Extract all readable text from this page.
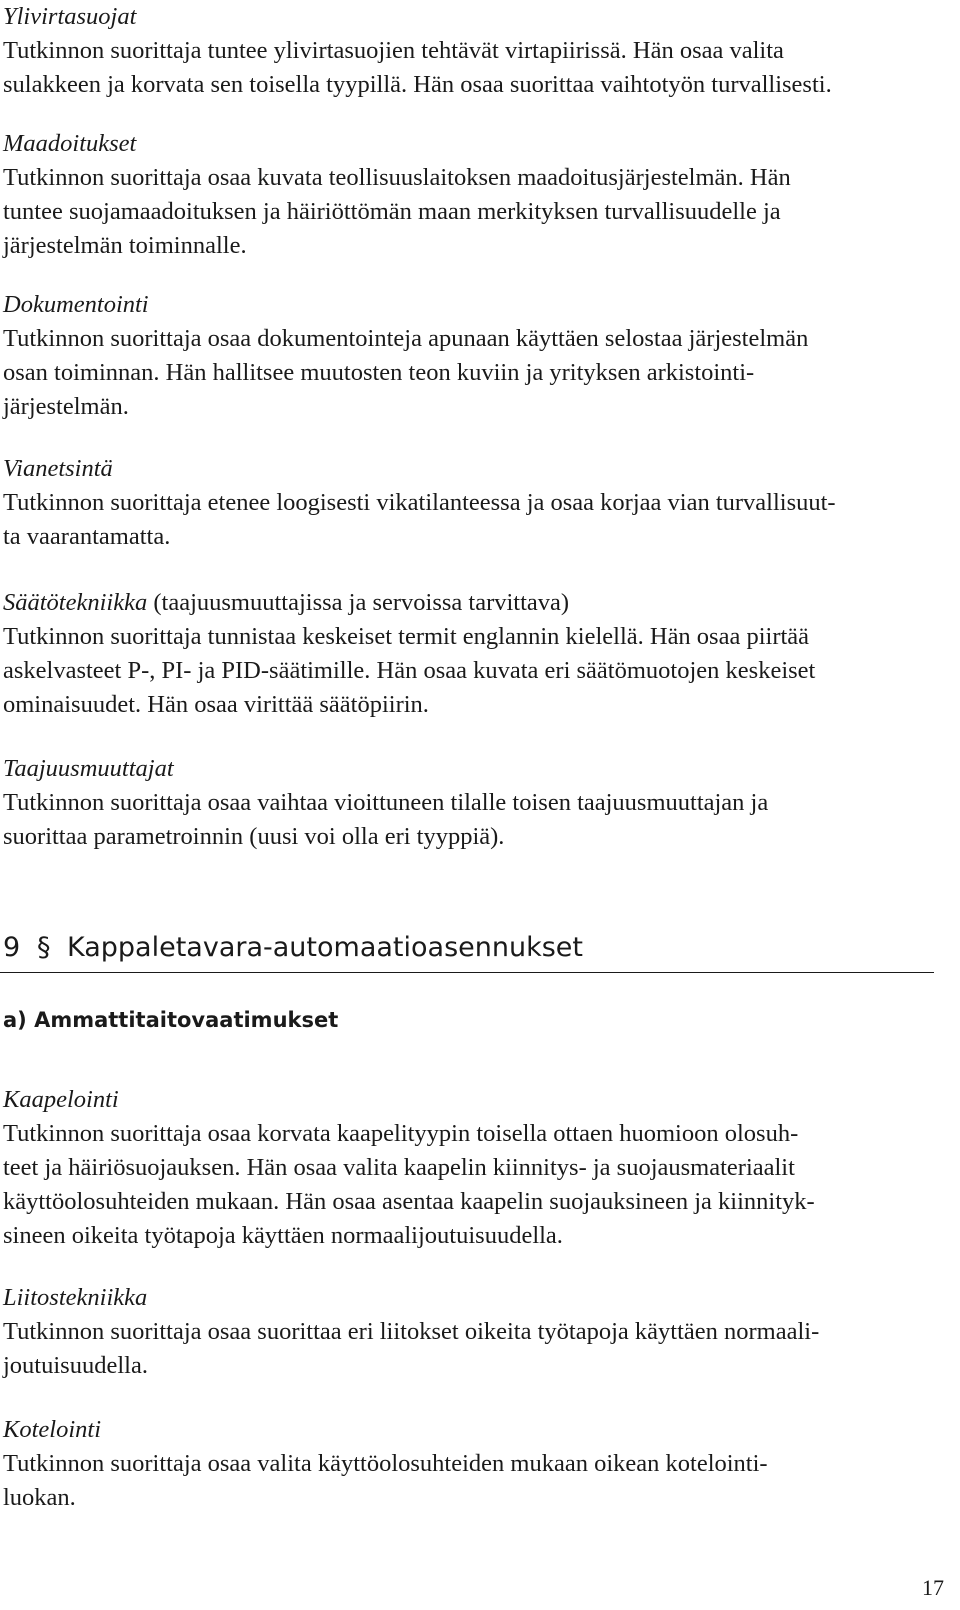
Ylivirtasuojat
Tutkinnon suorittaja tuntee ylivirtasuojien tehtävät virtapiirissä. Hän osaa valita
sulakkeen ja korvata sen toisella tyypillä. Hän osaa suorittaa vaihtotyön turvallisesti.
Maadoitukset
Tutkinnon suorittaja osaa kuvata teollisuuslaitoksen maadoitusjärjestelmän. Hän
tuntee suojamaadoituksen ja häiriöttömän maan merkityksen turvallisuudelle ja
järjestelmän toiminnalle.
Dokumentointi
Tutkinnon suorittaja osaa dokumentointeja apunaan käyttäen selostaa järjestelmän
osan toiminnan. Hän hallitsee muutosten teon kuviin ja yrityksen arkistointi-
järjestelmän.
Vianetsintä
Tutkinnon suorittaja etenee loogisesti vikatilanteessa ja osaa korjaa vian turvallisuut-
ta vaarantamatta.
Säätötekniikka (taajuusmuuttajissa ja servoissa tarvittava)
Tutkinnon suorittaja tunnistaa keskeiset termit englannin kielellä. Hän osaa piirtää
askelvasteet P-, PI- ja PID-säätimille. Hän osaa kuvata eri säätömuotojen keskeiset
ominaisuudet. Hän osaa virittää säätöpiirin.
Taajuusmuuttajat
Tutkinnon suorittaja osaa vaihtaa vioittuneen tilalle toisen taajuusmuuttajan ja
suorittaa parametroinnin (uusi voi olla eri tyyppiä).
9 § Kappaletavara-automaatioasennukset
a) Ammattitaitovaatimukset
Kaapelointi
Tutkinnon suorittaja osaa korvata kaapelityypin toisella ottaen huomioon olosuh-
teet ja häiriösuojauksen. Hän osaa valita kaapelin kiinnitys- ja suojausmateriaalit
käyttöolosuhteiden mukaan. Hän osaa asentaa kaapelin suojauksineen ja kiinnityk-
sineen oikeita työtapoja käyttäen normaalijoutuisuudella.
Liitostekniikka
Tutkinnon suorittaja osaa suorittaa eri liitokset oikeita työtapoja käyttäen normaali-
joutuisuudella.
Kotelointi
Tutkinnon suorittaja osaa valita käyttöolosuhteiden mukaan oikean kotelointi-
luokan.
17
